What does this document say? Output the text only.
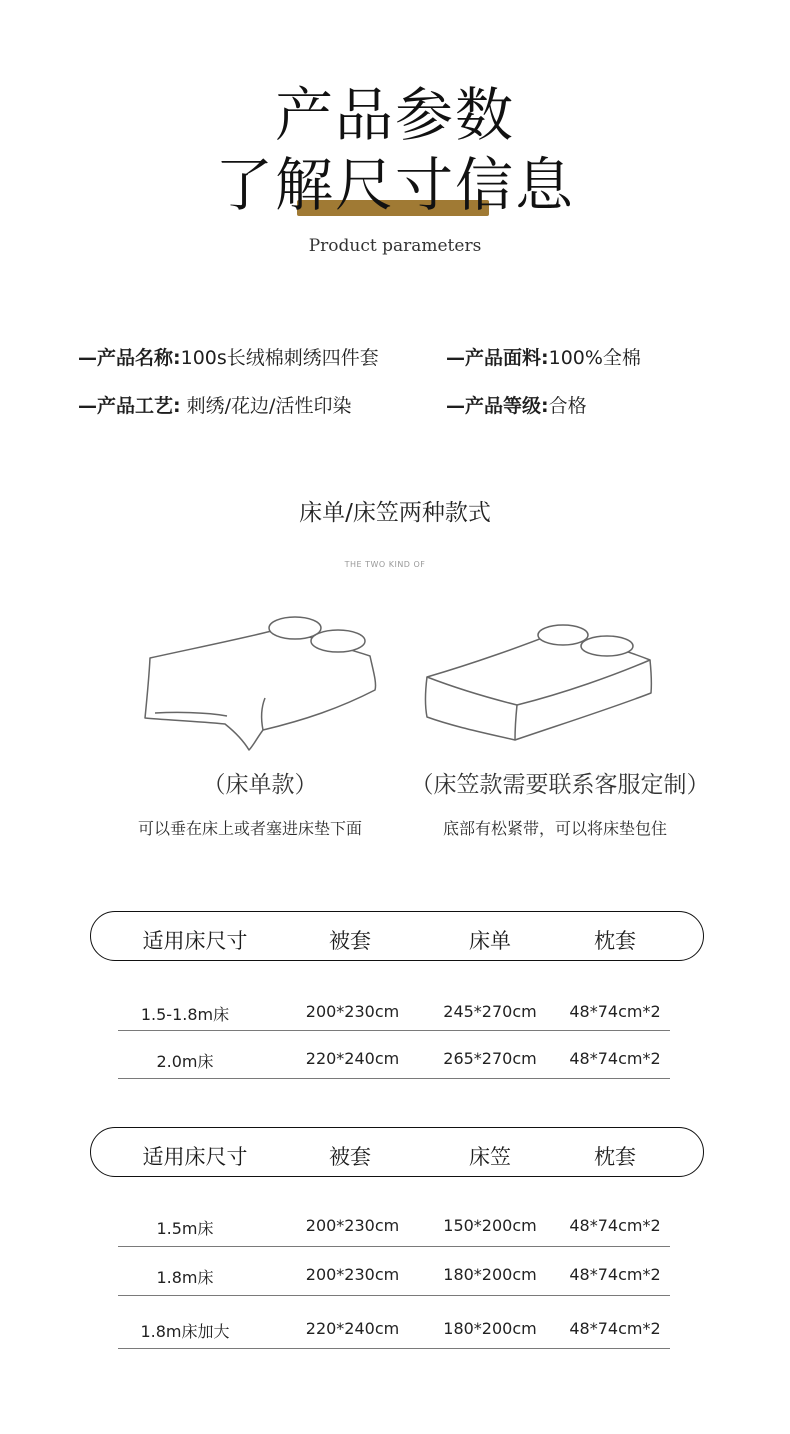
产品参数
了解尺寸信息
Product parameters
—产品名称:100s长绒棉刺绣四件套	—产品面料:100%全棉
—产品工艺: 刺绣/花边/活性印染	—产品等级:合格
床单/床笠两种款式
THE TWO KIND OF
（床单款）	（床笠款需要联系客服定制）
可以垂在床上或者塞进床垫下面	底部有松紧带，可以将床垫包住
适用床尺寸	被套	床单	枕套
1.5-1.8m床	200*230cm	245*270cm	48*74cm*2
2.0m床	220*240cm	265*270cm	48*74cm*2
适用床尺寸	被套	床笠	枕套
1.5m床	200*230cm	150*200cm	48*74cm*2
1.8m床	200*230cm	180*200cm	48*74cm*2
1.8m床加大	220*240cm	180*200cm	48*74cm*2
